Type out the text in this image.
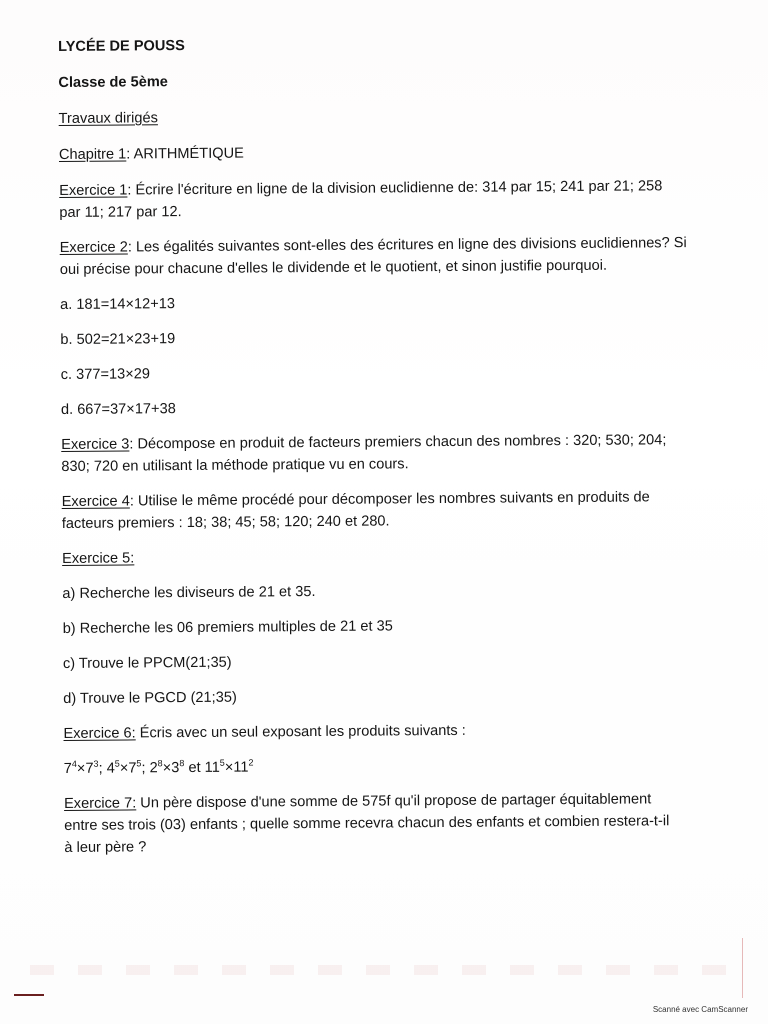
LYCÉE DE POUSS
Classe de 5ème
Travaux dirigés
Chapitre 1: ARITHMÉTIQUE
Exercice 1: Écrire l'écriture en ligne de la division euclidienne de: 314 par 15; 241 par 21; 258
par 11; 217 par 12.
Exercice 2: Les égalités suivantes sont-elles des écritures en ligne des divisions euclidiennes? Si
oui précise pour chacune d'elles le dividende et le quotient, et sinon justifie pourquoi.
a. 181=14×12+13
b. 502=21×23+19
c. 377=13×29
d. 667=37×17+38
Exercice 3: Décompose en produit de facteurs premiers chacun des nombres : 320; 530; 204;
830; 720 en utilisant la méthode pratique vu en cours.
Exercice 4: Utilise le même procédé pour décomposer les nombres suivants en produits de
facteurs premiers : 18; 38; 45; 58; 120; 240 et 280.
Exercice 5:
a) Recherche les diviseurs de 21 et 35.
b) Recherche les 06 premiers multiples de 21 et 35
c) Trouve le PPCM(21;35)
d) Trouve le PGCD (21;35)
Exercice 6: Écris avec un seul exposant les produits suivants :
$7^4\times 7^3$; $4^5\times 7^5$; $2^8\times 3^8$ et $11^5\times 11^2$
Exercice 7: Un père dispose d'une somme de 575f qu'il propose de partager équitablement
entre ses trois (03) enfants ; quelle somme recevra chacun des enfants et combien restera-t-il
à leur père ?
Scanné avec CamScanner
